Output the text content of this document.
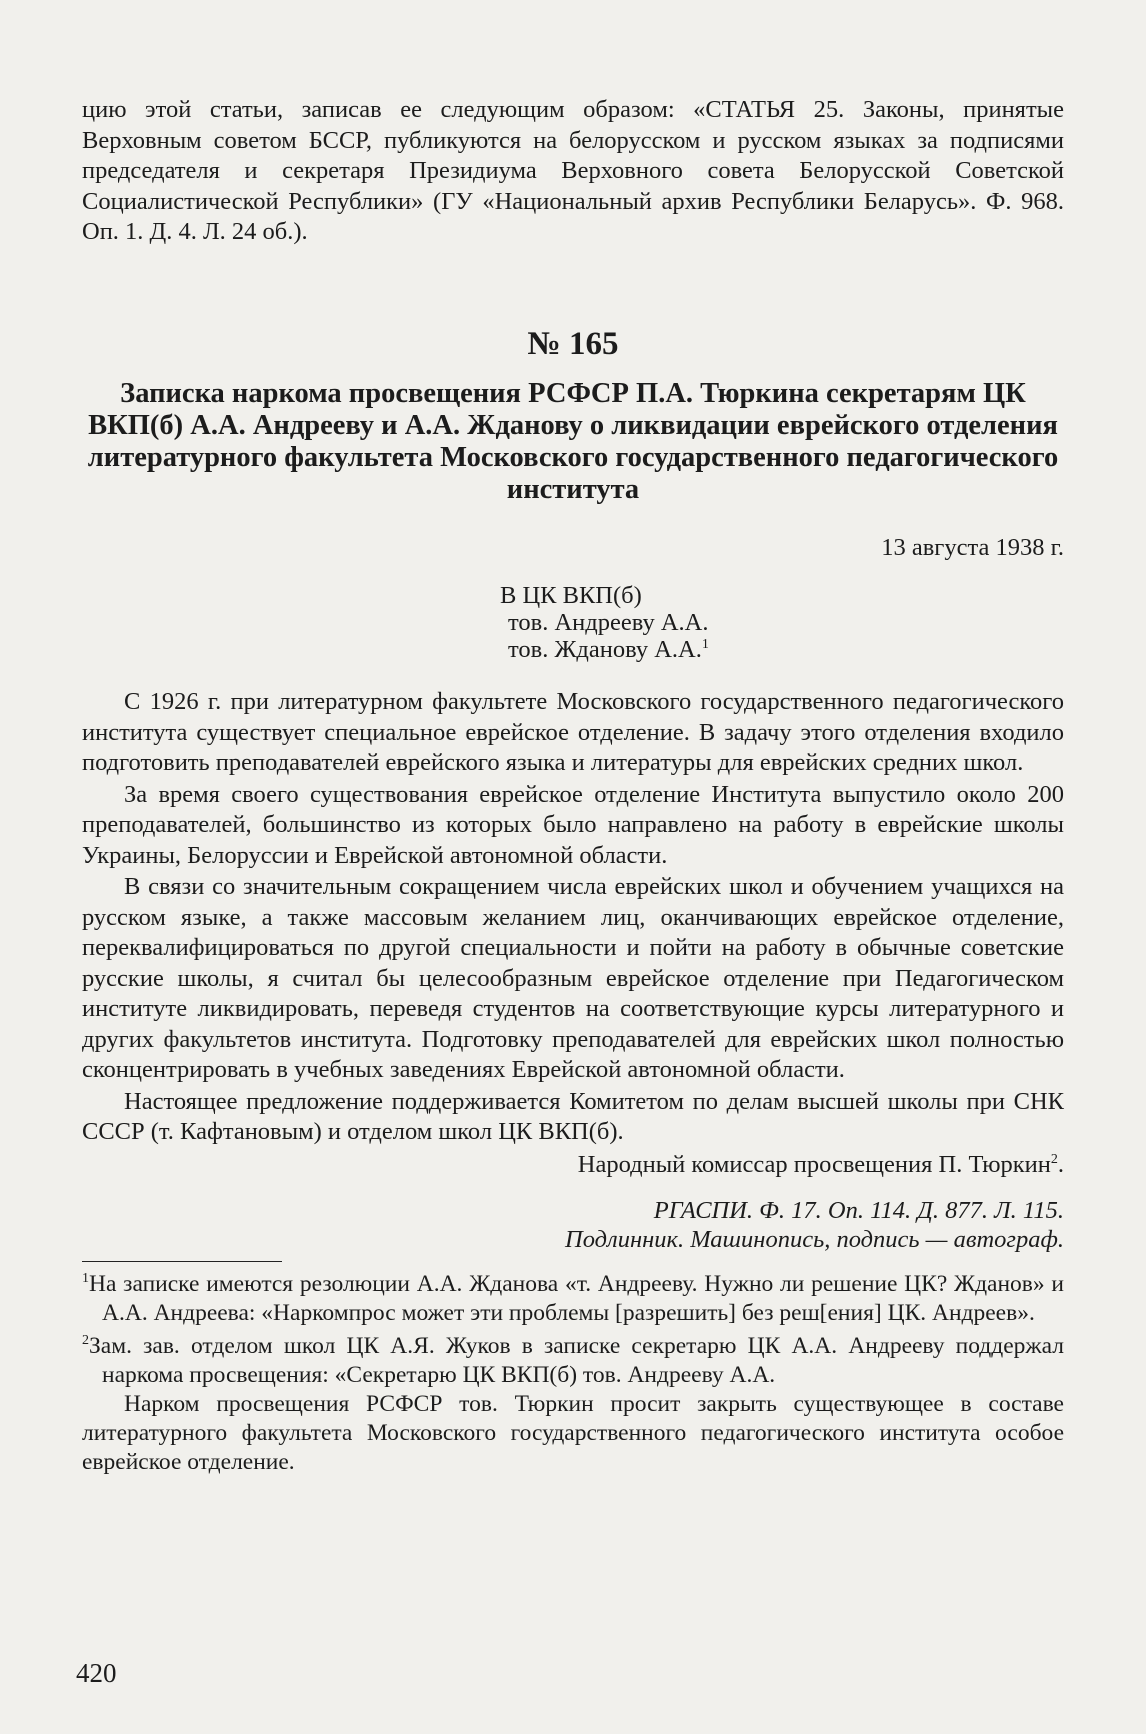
цию этой статьи, записав ее следующим образом: «СТАТЬЯ 25. Законы, принятые Верховным советом БССР, публикуются на белорусском и русском языках за подписями председателя и секретаря Президиума Верховного совета Белорусской Советской Социалистической Республики» (ГУ «Национальный архив Республики Беларусь». Ф. 968. Оп. 1. Д. 4. Л. 24 об.).

№ 165
Записка наркома просвещения РСФСР П.А. Тюркина секретарям ЦК ВКП(б) А.А. Андрееву и А.А. Жданову о ликвидации еврейского отделения литературного факультета Московского государственного педагогического института
13 августа 1938 г.
В ЦК ВКП(б)
тов. Андрееву А.А.
тов. Жданову А.А.$^1$

С 1926 г. при литературном факультете Московского государственного педагогического института существует специальное еврейское отделение. В задачу этого отделения входило подготовить преподавателей еврейского языка и литературы для еврейских средних школ.

За время своего существования еврейское отделение Института выпустило около 200 преподавателей, большинство из которых было направлено на работу в еврейские школы Украины, Белоруссии и Еврейской автономной области.

В связи со значительным сокращением числа еврейских школ и обучением учащихся на русском языке, а также массовым желанием лиц, оканчивающих еврейское отделение, переквалифицироваться по другой специальности и пойти на работу в обычные советские русские школы, я считал бы целесообразным еврейское отделение при Педагогическом институте ликвидировать, переведя студентов на соответствующие курсы литературного и других факультетов института. Подготовку преподавателей для еврейских школ полностью сконцентрировать в учебных заведениях Еврейской автономной области.

Настоящее предложение поддерживается Комитетом по делам высшей школы при СНК СССР (т. Кафтановым) и отделом школ ЦК ВКП(б).

Народный комиссар просвещения П. Тюркин$^2$.
РГАСПИ. Ф. 17. Оп. 114. Д. 877. Л. 115.
Подлинник. Машинопись, подпись — автограф.

$^1$На записке имеются резолюции А.А. Жданова «т. Андрееву. Нужно ли решение ЦК? Жданов» и А.А. Андреева: «Наркомпрос может эти проблемы [разрешить] без реш[ения] ЦК. Андреев».

$^2$Зам. зав. отделом школ ЦК А.Я. Жуков в записке секретарю ЦК А.А. Андрееву поддержал наркома просвещения: «Секретарю ЦК ВКП(б) тов. Андрееву А.А.

Нарком просвещения РСФСР тов. Тюркин просит закрыть существующее в составе литературного факультета Московского государственного педагогического института особое еврейское отделение.

420
